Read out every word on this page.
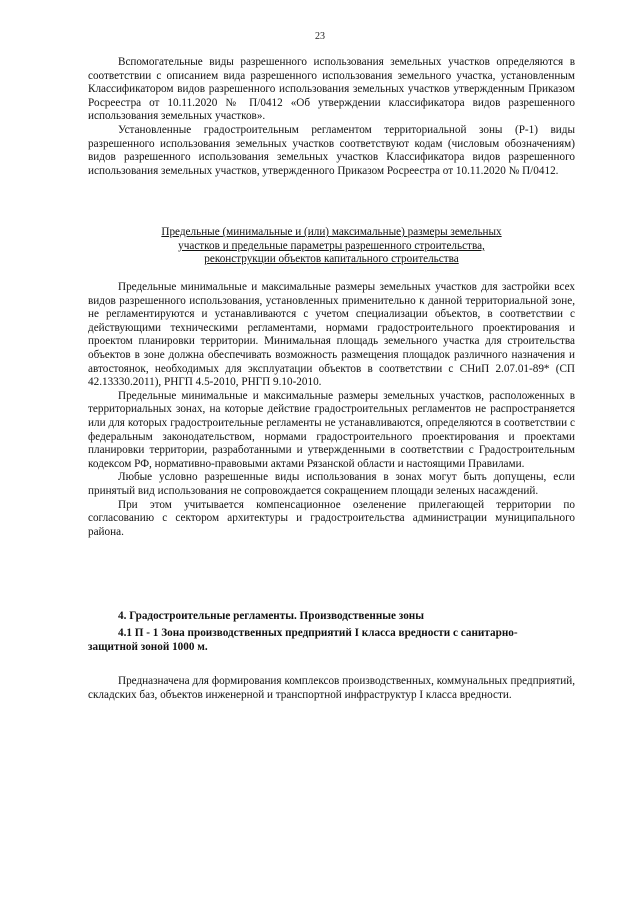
23

Вспомогательные виды разрешенного использования земельных участков определяются в соответствии с описанием вида разрешенного использования земельного участка, установленным Классификатором видов разрешенного использования земельных участков утвержденным Приказом Росреестра от 10.11.2020 № П/0412 «Об утверждении классификатора видов разрешенного использования земельных участков».

Установленные градостроительным регламентом территориальной зоны (Р-1) виды разрешенного использования земельных участков соответствуют кодам (числовым обозначениям) видов разрешенного использования земельных участков Классификатора видов разрешенного использования земельных участков, утвержденного Приказом Росреестра от 10.11.2020 № П/0412.

Предельные (минимальные и (или) максимальные) размеры земельных
участков и предельные параметры разрешенного строительства,
реконструкции объектов капитального строительства

Предельные минимальные и максимальные размеры земельных участков для застройки всех видов разрешенного использования, установленных применительно к данной территориальной зоне, не регламентируются и устанавливаются с учетом специализации объектов, в соответствии с действующими техническими регламентами, нормами градостроительного проектирования и проектом планировки территории. Минимальная площадь земельного участка для строительства объектов в зоне должна обеспечивать возможность размещения площадок различного назначения и автостоянок, необходимых для эксплуатации объектов в соответствии с СНиП 2.07.01-89* (СП 42.13330.2011), РНГП 4.5-2010, РНГП 9.10-2010.

Предельные минимальные и максимальные размеры земельных участков, расположенных в территориальных зонах, на которые действие градостроительных регламентов не распространяется или для которых градостроительные регламенты не устанавливаются, определяются в соответствии с федеральным законодательством, нормами градостроительного проектирования и проектами планировки территории, разработанными и утвержденными в соответствии с Градостроительным кодексом РФ, нормативно-правовыми актами Рязанской области и настоящими Правилами.

Любые условно разрешенные виды использования в зонах могут быть допущены, если принятый вид использования не сопровождается сокращением площади зеленых насаждений.

При этом учитывается компенсационное озеленение прилегающей территории по согласованию с сектором архитектуры и градостроительства администрации муниципального района.

4. Градостроительные регламенты. Производственные зоны
4.1 П - 1 Зона производственных предприятий I класса вредности с санитарно-
защитной зоной 1000 м.

Предназначена для формирования комплексов производственных, коммунальных предприятий, складских баз, объектов инженерной и транспортной инфраструктур I класса вредности.
